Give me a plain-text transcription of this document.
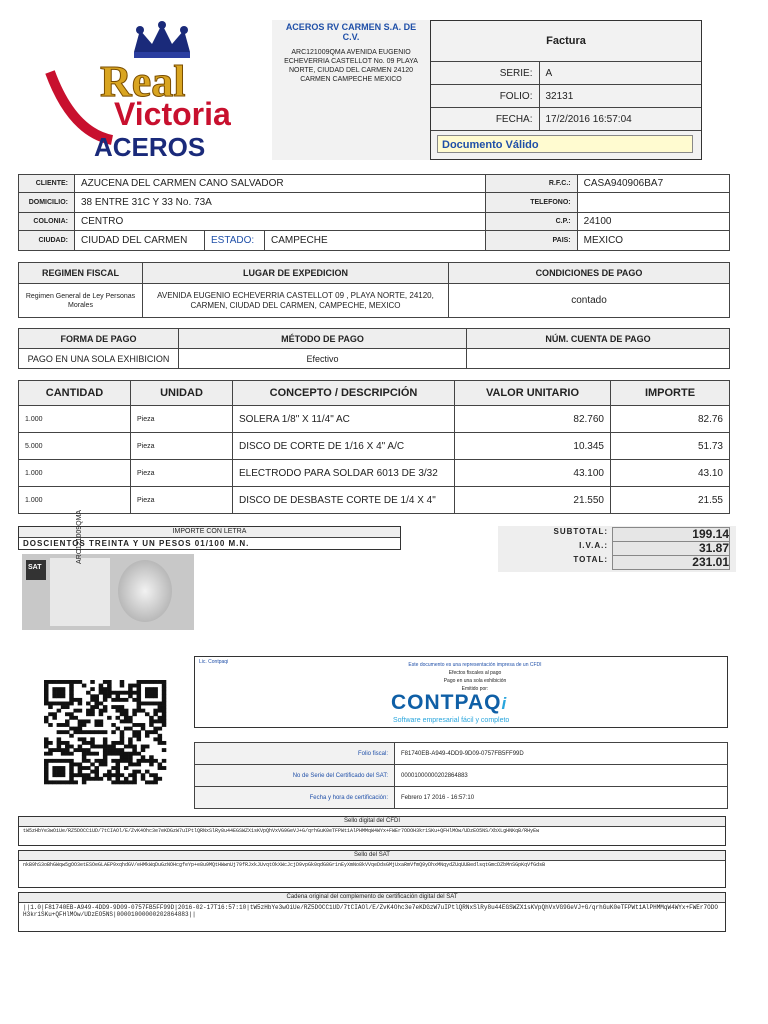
Real
Victoria
ACEROS
ACEROS RV CARMEN S.A. DE C.V.
ARC121009QMA AVENIDA EUGENIO ECHEVERRIA CASTELLOT No. 09 PLAYA NORTE, CIUDAD DEL CARMEN 24120 CARMEN CAMPECHE MEXICO
Factura
SERIE:	A
FOLIO:	32131
FECHA:	17/2/2016 16:57:04
Documento Válido
CLIENTE:	AZUCENA DEL CARMEN CANO SALVADOR			R.F.C.:	CASA940906BA7
DOMICILIO:	38 ENTRE 31C Y 33 No. 73A			TELEFONO:	
COLONIA:	CENTRO			C.P.:	24100
CIUDAD:	CIUDAD DEL CARMEN	ESTADO:	CAMPECHE	PAIS:	MEXICO
REGIMEN FISCAL	LUGAR DE EXPEDICION	CONDICIONES DE PAGO
Regimen General de Ley Personas Morales	AVENIDA EUGENIO ECHEVERRIA CASTELLOT 09 , PLAYA NORTE, 24120, CARMEN, CIUDAD DEL CARMEN, CAMPECHE, MEXICO	contado
FORMA DE PAGO	MÉTODO DE PAGO	NÚM. CUENTA DE PAGO
PAGO EN UNA SOLA EXHIBICION	Efectivo	
CANTIDAD	UNIDAD	CONCEPTO / DESCRIPCIÓN	VALOR UNITARIO	IMPORTE
1.000	Pieza	SOLERA 1/8" X 11/4" AC	82.760	82.76
5.000	Pieza	DISCO DE CORTE DE 1/16 X 4" A/C	10.345	51.73
1.000	Pieza	ELECTRODO PARA SOLDAR 6013 DE 3/32	43.100	43.10
1.000	Pieza	DISCO DE DESBASTE CORTE DE 1/4 X 4"	21.550	21.55
IMPORTE CON LETRA
DOSCIENTOS TREINTA Y UN PESOS 01/100 M.N.
SUBTOTAL:	199.14
I.V.A.:	31.87
TOTAL:	231.01
SAT
ARC121009QMA
Lic. Contpaqi	Este documento es una representación impresa de un CFDI
Efectos fiscales al pago
Pago en una sola exhibición
Emitido por:
CONTPAQi
Software empresarial fácil y completo
Folio fiscal:	F81740EB-A949-4DD9-9D09-0757FB5FF99D
No de Serie del Certificado del SAT:	00001000000202864883
Fecha y hora de certificación:	Febrero 17 2016 - 16:57:10
Sello digital del CFDI
tW5zHbYe3wOiUe/RZ5DOCC1UD/7tCIAOl/E/ZvK4Ohc3e7eKDGzW7uIPtlQRNxSlRy8u44EGSWZX1sKVpQhVxVG9GeVJ+G/qrhGuK0eTFPWt1AlPHMMqW4WYx+FWEr7ODOH3kr1SKu+QFHlMOw/UDzEO5NS/XbXLgHNKqB/RHyEw
Sello del SAT
nkB9hS3oBhGWqw5gOO3etESOeGLAEP9xqhdGV/eHMkWqDuGzNOHcgfeYp+e8u9MQtHWwnUj79fRJxkJUvqtOkXWcJcjD9vpGk0qdG8Gr1nEyXmNo8kVVqeDdsGMjUxaRmVfmQ9yDhxMNqydZUqUUBedlsqtGmcDZbMnSGpKqVfGdsB
Cadena original del complemento de certificación digital del SAT
||1.0|F81740EB-A949-4DD9-9D09-0757FB5FF99D|2016-02-17T16:57:10|tW5zHbYe3wOiUe/RZ5DOCC1UD/7tCIAOl/E/ZvK4Ohc3e7eKDGzW7uIPtlQRNxSlRy8u44EGSWZX1sKVpQhVxVG9GeVJ+G/qrhGuK0eTFPWt1AlPHMMqW4WYx+FWEr7ODOH3kr1SKu+QFHlMOw/UDzEO5NS|00001000000202864883||
